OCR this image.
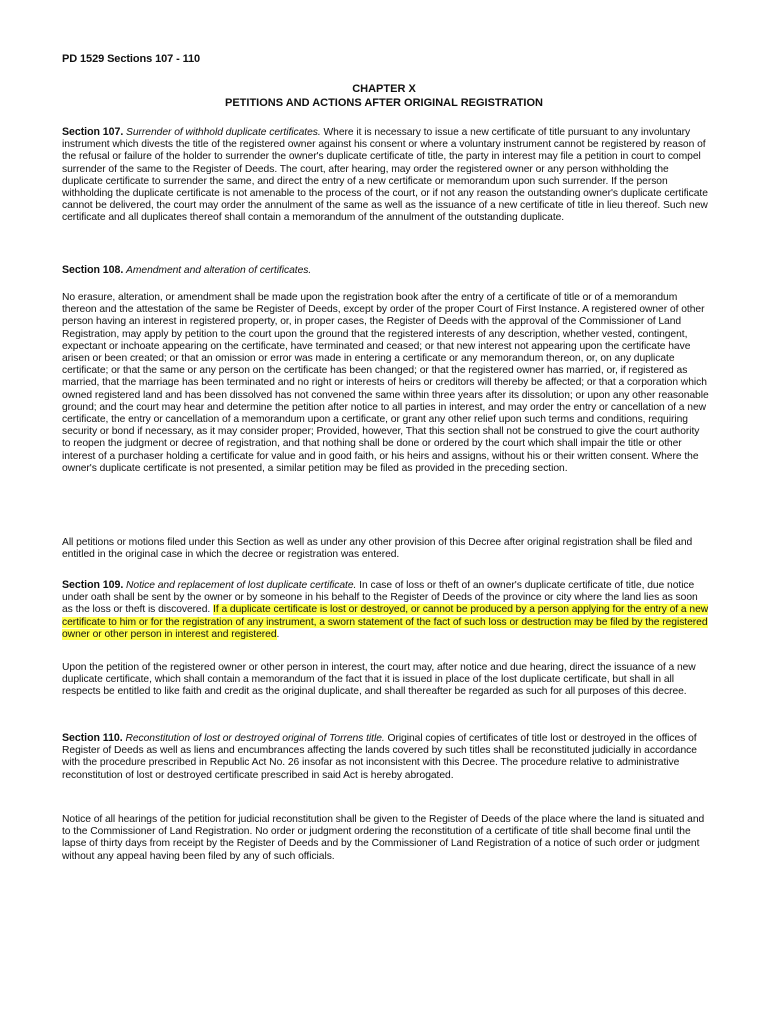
PD 1529 Sections 107 - 110
CHAPTER X
PETITIONS AND ACTIONS AFTER ORIGINAL REGISTRATION

Section 107. Surrender of withhold duplicate certificates. Where it is necessary to issue a new certificate of title pursuant to any involuntary instrument which divests the title of the registered owner against his consent or where a voluntary instrument cannot be registered by reason of the refusal or failure of the holder to surrender the owner's duplicate certificate of title, the party in interest may file a petition in court to compel surrender of the same to the Register of Deeds. The court, after hearing, may order the registered owner or any person withholding the duplicate certificate to surrender the same, and direct the entry of a new certificate or memorandum upon such surrender. If the person withholding the duplicate certificate is not amenable to the process of the court, or if not any reason the outstanding owner's duplicate certificate cannot be delivered, the court may order the annulment of the same as well as the issuance of a new certificate of title in lieu thereof. Such new certificate and all duplicates thereof shall contain a memorandum of the annulment of the outstanding duplicate.

Section 108. Amendment and alteration of certificates.

No erasure, alteration, or amendment shall be made upon the registration book after the entry of a certificate of title or of a memorandum thereon and the attestation of the same be Register of Deeds, except by order of the proper Court of First Instance. A registered owner of other person having an interest in registered property, or, in proper cases, the Register of Deeds with the approval of the Commissioner of Land Registration, may apply by petition to the court upon the ground that the registered interests of any description, whether vested, contingent, expectant or inchoate appearing on the certificate, have terminated and ceased; or that new interest not appearing upon the certificate have arisen or been created; or that an omission or error was made in entering a certificate or any memorandum thereon, or, on any duplicate certificate; or that the same or any person on the certificate has been changed; or that the registered owner has married, or, if registered as married, that the marriage has been terminated and no right or interests of heirs or creditors will thereby be affected; or that a corporation which owned registered land and has been dissolved has not convened the same within three years after its dissolution; or upon any other reasonable ground; and the court may hear and determine the petition after notice to all parties in interest, and may order the entry or cancellation of a new certificate, the entry or cancellation of a memorandum upon a certificate, or grant any other relief upon such terms and conditions, requiring security or bond if necessary, as it may consider proper; Provided, however, That this section shall not be construed to give the court authority to reopen the judgment or decree of registration, and that nothing shall be done or ordered by the court which shall impair the title or other interest of a purchaser holding a certificate for value and in good faith, or his heirs and assigns, without his or their written consent. Where the owner's duplicate certificate is not presented, a similar petition may be filed as provided in the preceding section.

All petitions or motions filed under this Section as well as under any other provision of this Decree after original registration shall be filed and entitled in the original case in which the decree or registration was entered.

Section 109. Notice and replacement of lost duplicate certificate. In case of loss or theft of an owner's duplicate certificate of title, due notice under oath shall be sent by the owner or by someone in his behalf to the Register of Deeds of the province or city where the land lies as soon as the loss or theft is discovered. If a duplicate certificate is lost or destroyed, or cannot be produced by a person applying for the entry of a new certificate to him or for the registration of any instrument, a sworn statement of the fact of such loss or destruction may be filed by the registered owner or other person in interest and registered.

Upon the petition of the registered owner or other person in interest, the court may, after notice and due hearing, direct the issuance of a new duplicate certificate, which shall contain a memorandum of the fact that it is issued in place of the lost duplicate certificate, but shall in all respects be entitled to like faith and credit as the original duplicate, and shall thereafter be regarded as such for all purposes of this decree.

Section 110. Reconstitution of lost or destroyed original of Torrens title. Original copies of certificates of title lost or destroyed in the offices of Register of Deeds as well as liens and encumbrances affecting the lands covered by such titles shall be reconstituted judicially in accordance with the procedure prescribed in Republic Act No. 26 insofar as not inconsistent with this Decree. The procedure relative to administrative reconstitution of lost or destroyed certificate prescribed in said Act is hereby abrogated.

Notice of all hearings of the petition for judicial reconstitution shall be given to the Register of Deeds of the place where the land is situated and to the Commissioner of Land Registration. No order or judgment ordering the reconstitution of a certificate of title shall become final until the lapse of thirty days from receipt by the Register of Deeds and by the Commissioner of Land Registration of a notice of such order or judgment without any appeal having been filed by any of such officials.
